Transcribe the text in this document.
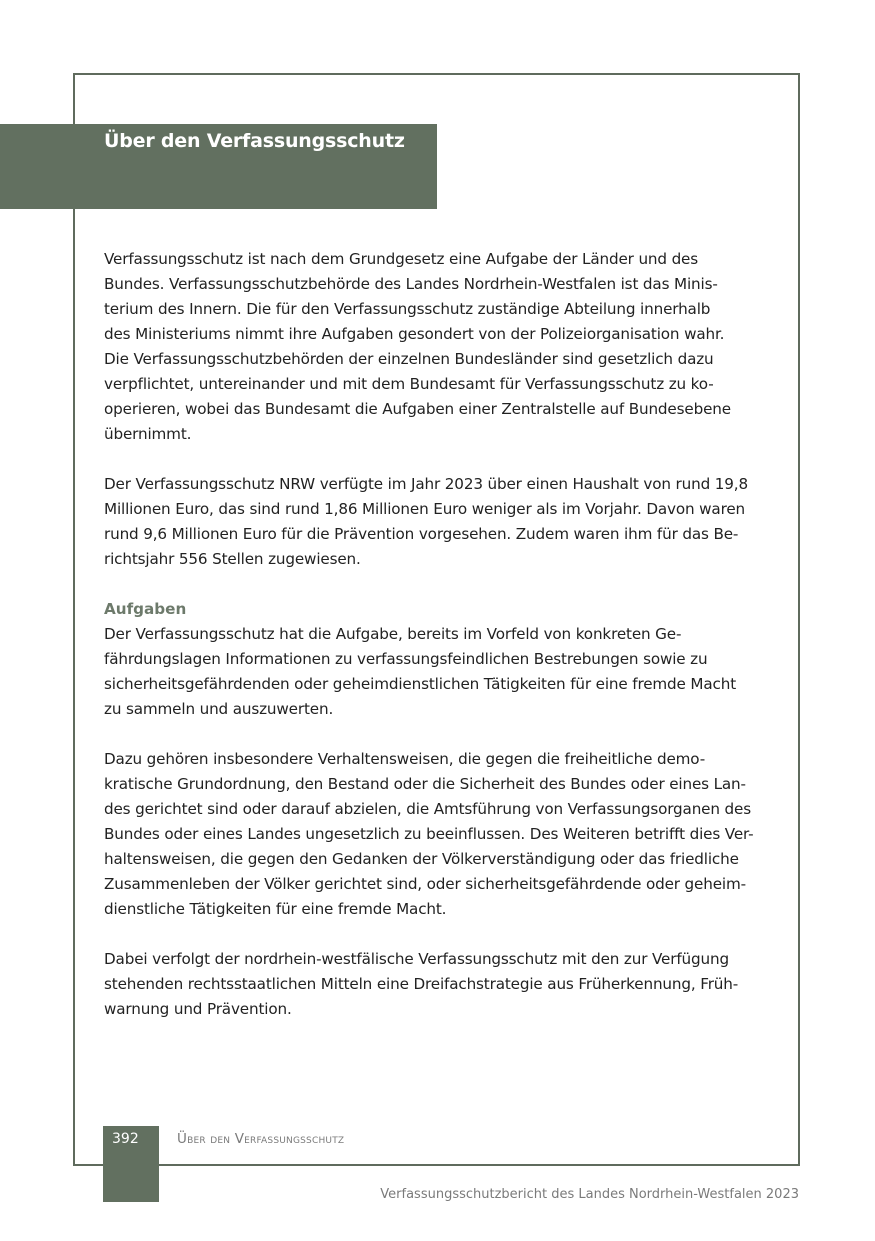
Über den Verfassungsschutz

Verfassungsschutz ist nach dem Grundgesetz eine Aufgabe der Länder und des
Bundes. Verfassungsschutzbehörde des Landes Nordrhein-Westfalen ist das Minis-
terium des Innern. Die für den Verfassungsschutz zuständige Abteilung innerhalb
des Ministeriums nimmt ihre Aufgaben gesondert von der Polizeiorganisation wahr.
Die Verfassungsschutzbehörden der einzelnen Bundesländer sind gesetzlich dazu
verpflichtet, untereinander und mit dem Bundesamt für Verfassungsschutz zu ko-
operieren, wobei das Bundesamt die Aufgaben einer Zentralstelle auf Bundesebene
übernimmt.

Der Verfassungsschutz NRW verfügte im Jahr 2023 über einen Haushalt von rund 19,8
Millionen Euro, das sind rund 1,86 Millionen Euro weniger als im Vorjahr. Davon waren
rund 9,6 Millionen Euro für die Prävention vorgesehen. Zudem waren ihm für das Be-
richtsjahr 556 Stellen zugewiesen.

Aufgaben

Der Verfassungsschutz hat die Aufgabe, bereits im Vorfeld von konkreten Ge-
fährdungslagen Informationen zu verfassungsfeindlichen Bestrebungen sowie zu
sicherheitsgefährdenden oder geheimdienstlichen Tätigkeiten für eine fremde Macht
zu sammeln und auszuwerten.

Dazu gehören insbesondere Verhaltensweisen, die gegen die freiheitliche demo-
kratische Grundordnung, den Bestand oder die Sicherheit des Bundes oder eines Lan-
des gerichtet sind oder darauf abzielen, die Amtsführung von Verfassungsorganen des
Bundes oder eines Landes ungesetzlich zu beeinflussen. Des Weiteren betrifft dies Ver-
haltensweisen, die gegen den Gedanken der Völkerverständigung oder das friedliche
Zusammenleben der Völker gerichtet sind, oder sicherheitsgefährdende oder geheim-
dienstliche Tätigkeiten für eine fremde Macht.

Dabei verfolgt der nordrhein-westfälische Verfassungsschutz mit den zur Verfügung
stehenden rechtsstaatlichen Mitteln eine Dreifachstrategie aus Früherkennung, Früh-
warnung und Prävention.

392	Über den Verfassungsschutz
Verfassungsschutzbericht des Landes Nordrhein-Westfalen 2023
